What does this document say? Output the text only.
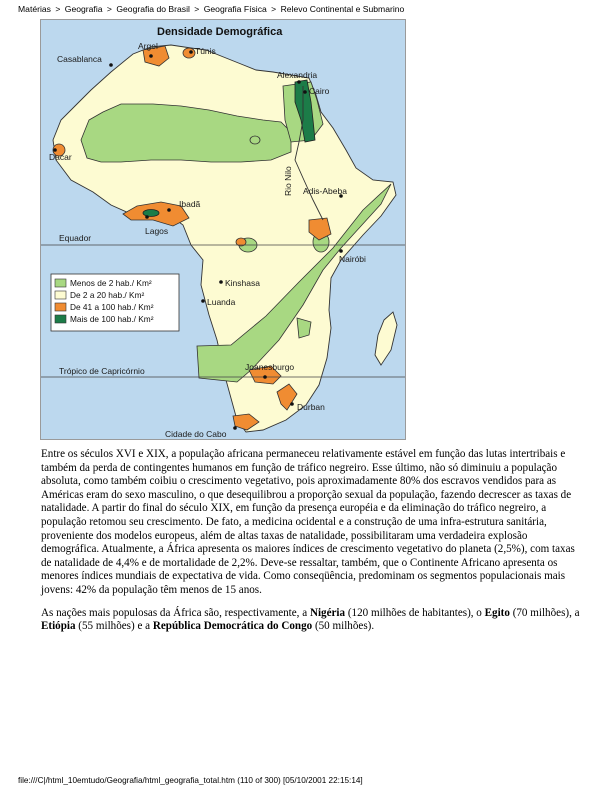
Matérias > Geografia > Geografia do Brasil > Geografia Física > Relevo Continental e Submarino
Densidade Demográfica
Argel	Túnis
Casablanca
Alexandria
Cairo
Dacar
Rio Nilo Adis-Abeba
Ibadã
Lagos
Equador
Nairóbi
Kinshasa
Luanda
Trópico de Capricórnio	Joanesburgo
Durban
Cidade do Cabo
Menos de 2 hab./ Km²
De 2 a 20 hab./ Km²
De 41 a 100 hab./ Km²
Mais de 100 hab./ Km²

Entre os séculos XVI e XIX, a população africana permaneceu relativamente estável em função das lutas intertribais e também da perda de contingentes humanos em função de tráfico negreiro. Esse último, não só diminuiu a população absoluta, como também coibiu o crescimento vegetativo, pois aproximadamente 80% dos escravos vendidos para as Américas eram do sexo masculino, o que desequilibrou a proporção sexual da população, fazendo decrescer as taxas de natalidade. A partir do final do século XIX, em função da presença européia e da eliminação do tráfico negreiro, a população retomou seu crescimento. De fato, a medicina ocidental e a construção de uma infra-estrutura sanitária, proveniente dos modelos europeus, além de altas taxas de natalidade, possibilitaram uma verdadeira explosão demográfica. Atualmente, a África apresenta os maiores índices de crescimento vegetativo do planeta (2,5%), com taxas de natalidade de 4,4% e de mortalidade de 2,2%. Deve-se ressaltar, também, que o Continente Africano apresenta os menores índices mundiais de expectativa de vida. Como conseqüência, predominam os segmentos populacionais mais jovens: 42% da população têm menos de 15 anos.

As nações mais populosas da África são, respectivamente, a Nigéria (120 milhões de habitantes), o Egito (70 milhões), a Etiópia (55 milhões) e a República Democrática do Congo (50 milhões).

file:///C|/html_10emtudo/Geografia/html_geografia_total.htm (110 of 300) [05/10/2001 22:15:14]
